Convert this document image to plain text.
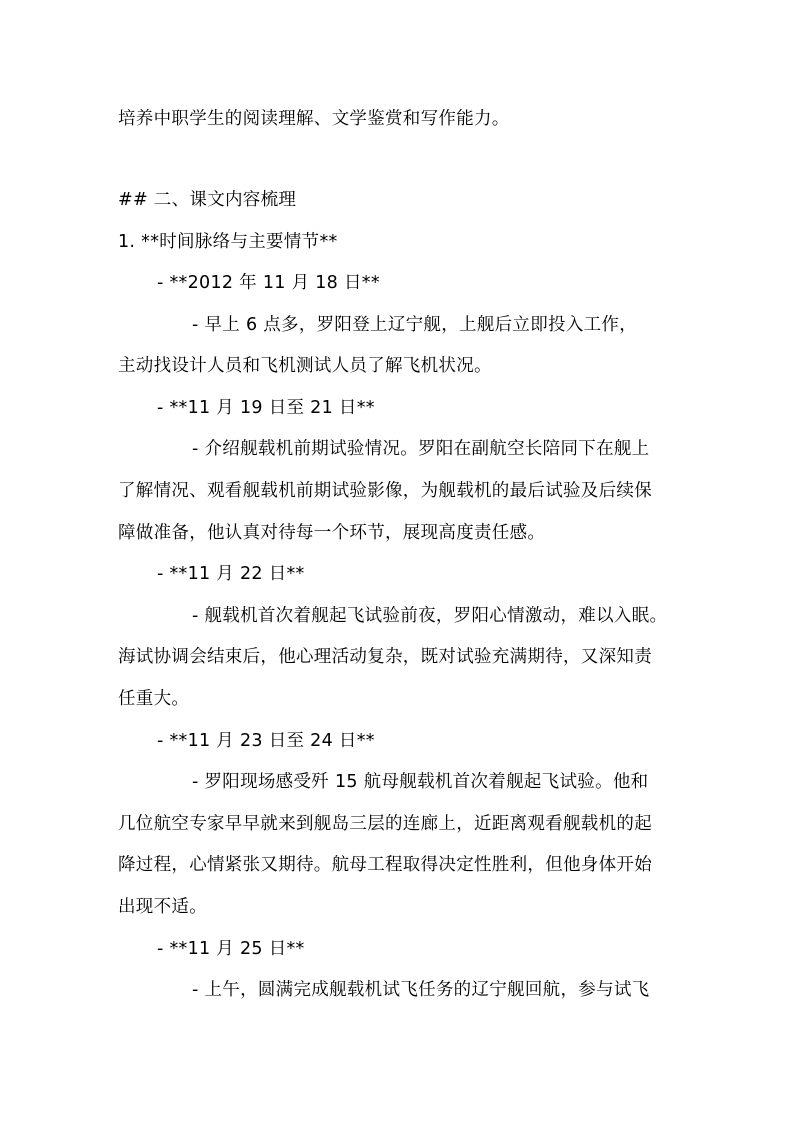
培养中职学生的阅读理解、文学鉴赏和写作能力。
## 二、课文内容梳理
1. **时间脉络与主要情节**
- **2012 年 11 月 18 日**
- 早上 6 点多，罗阳登上辽宁舰，上舰后立即投入工作，
主动找设计人员和飞机测试人员了解飞机状况。
- **11 月 19 日至 21 日**
- 介绍舰载机前期试验情况。罗阳在副航空长陪同下在舰上
了解情况、观看舰载机前期试验影像，为舰载机的最后试验及后续保
障做准备，他认真对待每一个环节，展现高度责任感。
- **11 月 22 日**
- 舰载机首次着舰起飞试验前夜，罗阳心情激动，难以入眠。
海试协调会结束后，他心理活动复杂，既对试验充满期待，又深知责
任重大。
- **11 月 23 日至 24 日**
- 罗阳现场感受歼 15 航母舰载机首次着舰起飞试验。他和
几位航空专家早早就来到舰岛三层的连廊上，近距离观看舰载机的起
降过程，心情紧张又期待。航母工程取得决定性胜利，但他身体开始
出现不适。
- **11 月 25 日**
- 上午，圆满完成舰载机试飞任务的辽宁舰回航，参与试飞
